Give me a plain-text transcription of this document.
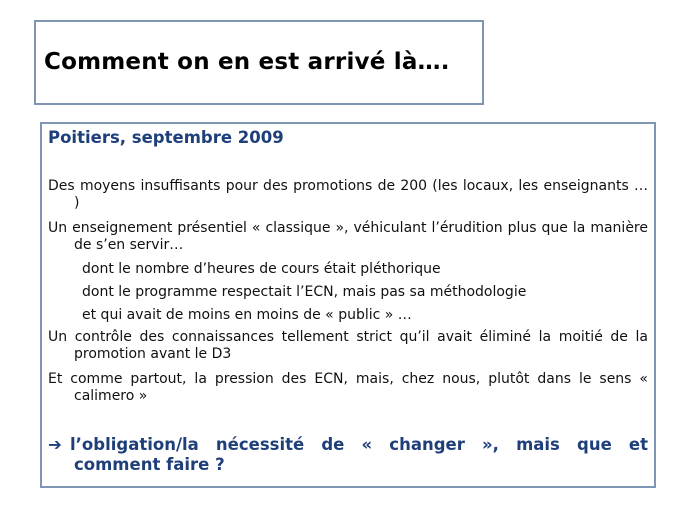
Comment on en est arrivé là….
Poitiers, septembre 2009
Des moyens insuffisants pour des promotions de 200 (les locaux, les enseignants … )
Un enseignement présentiel « classique », véhiculant l’érudition plus que la manière de s’en servir…
dont le nombre d’heures de cours était pléthorique
dont le programme respectait l’ECN, mais pas sa méthodologie
et qui avait de moins en moins de « public » …
Un contrôle des connaissances tellement strict qu’il avait éliminé la moitié de la promotion avant le D3
Et comme partout, la pression des ECN, mais, chez nous, plutôt dans le sens « calimero »
➔ l’obligation/la nécessité de « changer », mais que et comment faire ?
